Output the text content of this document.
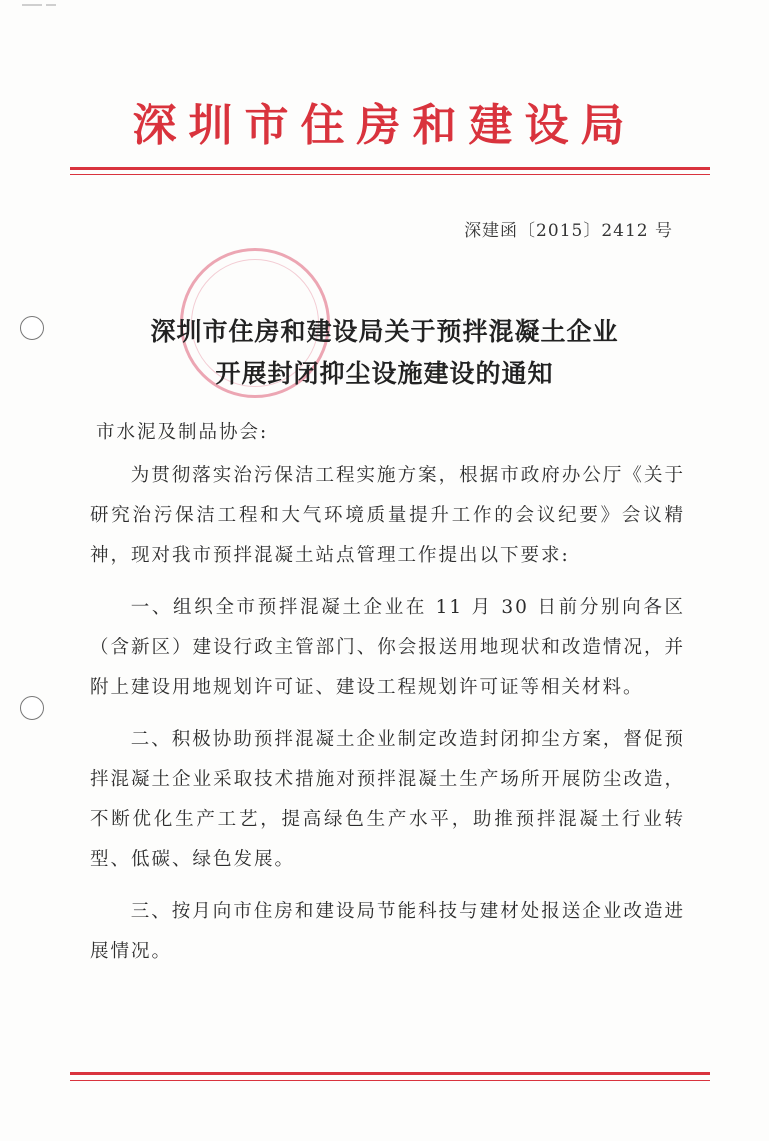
深圳市住房和建设局
深建函〔2015〕2412 号
深圳市住房和建设局关于预拌混凝土企业
开展封闭抑尘设施建设的通知
市水泥及制品协会:

为贯彻落实治污保洁工程实施方案，根据市政府办公厅《关于研究治污保洁工程和大气环境质量提升工作的会议纪要》会议精神，现对我市预拌混凝土站点管理工作提出以下要求:

一、组织全市预拌混凝土企业在 11 月 30 日前分别向各区（含新区）建设行政主管部门、你会报送用地现状和改造情况，并附上建设用地规划许可证、建设工程规划许可证等相关材料。

二、积极协助预拌混凝土企业制定改造封闭抑尘方案，督促预拌混凝土企业采取技术措施对预拌混凝土生产场所开展防尘改造，不断优化生产工艺，提高绿色生产水平，助推预拌混凝土行业转型、低碳、绿色发展。

三、按月向市住房和建设局节能科技与建材处报送企业改造进展情况。
